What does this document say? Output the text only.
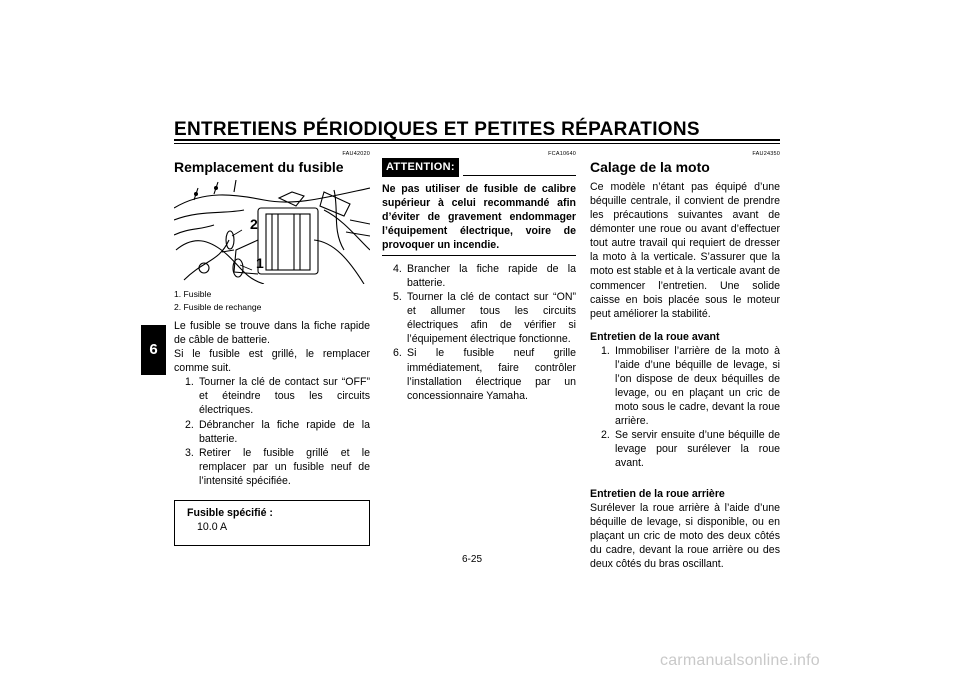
ENTRETIENS PÉRIODIQUES ET PETITES RÉPARATIONS
6
FAU42020
Remplacement du fusible
2
1
1. Fusible
2. Fusible de rechange

Le fusible se trouve dans la fiche rapide de câble de batterie.

Si le fusible est grillé, le remplacer comme suit.

1. Tourner la clé de contact sur “OFF” et éteindre tous les circuits électriques.
2. Débrancher la fiche rapide de la batterie.
3. Retirer le fusible grillé et le remplacer par un fusible neuf de l’intensité spécifiée.
Fusible spécifié :
10.0 A
FCA10640
ATTENTION:

Ne pas utiliser de fusible de calibre supérieur à celui recommandé afin d’éviter de gravement endommager l’équipement électrique, voire de provoquer un incendie.

4. Brancher la fiche rapide de la batterie.
5. Tourner la clé de contact sur “ON” et allumer tous les circuits électriques afin de vérifier si l’équipement électrique fonctionne.
6. Si le fusible neuf grille immédiatement, faire contrôler l’installation électrique par un concessionnaire Yamaha.
FAU24350
Calage de la moto

Ce modèle n’étant pas équipé d’une béquille centrale, il convient de prendre les précautions suivantes avant de démonter une roue ou avant d’effectuer tout autre travail qui requiert de dresser la moto à la verticale. S’assurer que la moto est stable et à la verticale avant de commencer l’entretien. Une solide caisse en bois placée sous le moteur peut améliorer la stabilité.

Entretien de la roue avant
1. Immobiliser l’arrière de la moto à l’aide d’une béquille de levage, si l’on dispose de deux béquilles de levage, ou en plaçant un cric de moto sous le cadre, devant la roue arrière.
2. Se servir ensuite d’une béquille de levage pour surélever la roue avant.
Entretien de la roue arrière

Surélever la roue arrière à l’aide d’une béquille de levage, si disponible, ou en plaçant un cric de moto des deux côtés du cadre, devant la roue arrière ou des deux côtés du bras oscillant.

6-25
carmanualsonline.info
